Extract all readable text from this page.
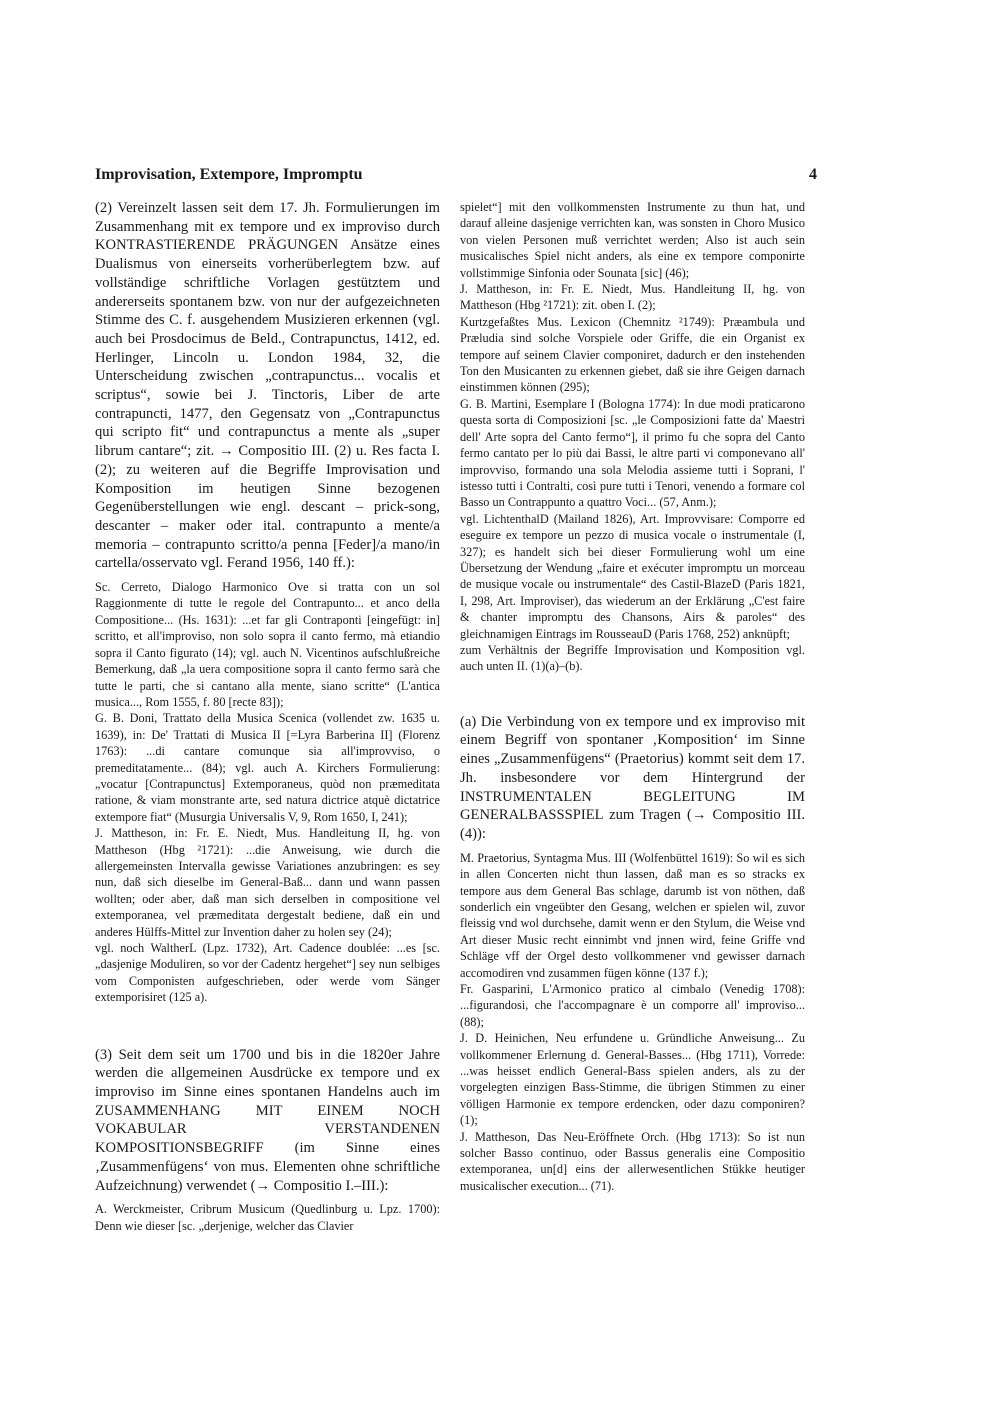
Improvisation, Extempore, Impromptu	4

(2) Vereinzelt lassen seit dem 17. Jh. Formulierungen im Zusammenhang mit ex tempore und ex improviso durch KONTRASTIERENDE PRÄGUNGEN Ansätze eines Dualismus von einerseits vorherüberlegtem bzw. auf vollständige schriftliche Vorlagen gestütztem und andererseits spontanem bzw. von nur der aufgezeichneten Stimme des C. f. ausgehendem Musizieren erkennen (vgl. auch bei Prosdocimus de Beld., Contrapunctus, 1412, ed. Herlinger, Lincoln u. London 1984, 32, die Unterscheidung zwischen „contrapunctus... vocalis et scriptus“, sowie bei J. Tinctoris, Liber de arte contrapuncti, 1477, den Gegensatz von „Contrapunctus qui scripto fit“ und contrapunctus a mente als „super librum cantare“; zit. → Compositio III. (2) u. Res facta I. (2); zu weiteren auf die Begriffe Improvisation und Komposition im heutigen Sinne bezogenen Gegenüberstellungen wie engl. descant – prick-song, descanter – maker oder ital. contrapunto a mente/a memoria – contrapunto scritto/a penna [Feder]/a mano/in cartella/osservato vgl. Ferand 1956, 140 ff.):

Sc. Cerreto, Dialogo Harmonico Ove si tratta con un sol Raggionmente di tutte le regole del Contrapunto... et anco della Compositione... (Hs. 1631): ...et far gli Contraponti [eingefügt: in] scritto, et all'improviso, non solo sopra il canto fermo, mà etiandio sopra il Canto figurato (14); vgl. auch N. Vicentinos aufschlußreiche Bemerkung, daß „la uera compositione sopra il canto fermo sarà che tutte le parti, che si cantano alla mente, siano scritte“ (L'antica musica..., Rom 1555, f. 80 [recte 83]);

G. B. Doni, Trattato della Musica Scenica (vollendet zw. 1635 u. 1639), in: De' Trattati di Musica II [=Lyra Barberina II] (Florenz 1763): ...di cantare comunque sia all'improvviso, o premeditatamente... (84); vgl. auch A. Kirchers Formulierung: „vocatur [Contrapunctus] Extemporaneus, quòd non præmeditata ratione, & viam monstrante arte, sed natura dictrice atquè dictatrice extempore fiat“ (Musurgia Universalis V, 9, Rom 1650, I, 241);

J. Mattheson, in: Fr. E. Niedt, Mus. Handleitung II, hg. von Mattheson (Hbg ²1721): ...die Anweisung, wie durch die allergemeinsten Intervalla gewisse Variationes anzubringen: es sey nun, daß sich dieselbe im General-Baß... dann und wann passen wollten; oder aber, daß man sich derselben in compositione vel extemporanea, vel præmeditata dergestalt bediene, daß ein und anderes Hülffs-Mittel zur Invention daher zu holen sey (24);

vgl. noch WaltherL (Lpz. 1732), Art. Cadence doublée: ...es [sc. „dasjenige Moduliren, so vor der Cadentz hergehet“] sey nun selbiges vom Componisten aufgeschrieben, oder werde vom Sänger extemporisiret (125 a).

(3) Seit dem seit um 1700 und bis in die 1820er Jahre werden die allgemeinen Ausdrücke ex tempore und ex improviso im Sinne eines spontanen Handelns auch im ZUSAMMENHANG MIT EINEM NOCH VOKABULAR VERSTANDENEN KOMPOSITIONSBEGRIFF (im Sinne eines ‚Zusammenfügens‘ von mus. Elementen ohne schriftliche Aufzeichnung) verwendet (→ Compositio I.–III.):

A. Werckmeister, Cribrum Musicum (Quedlinburg u. Lpz. 1700): Denn wie dieser [sc. „derjenige, welcher das Clavier

spielet“] mit den vollkommensten Instrumente zu thun hat, und darauf alleine dasjenige verrichten kan, was sonsten in Choro Musico von vielen Personen muß verrichtet werden; Also ist auch sein musicalisches Spiel nicht anders, als eine ex tempore componirte vollstimmige Sinfonia oder Sounata [sic] (46);

J. Mattheson, in: Fr. E. Niedt, Mus. Handleitung II, hg. von Mattheson (Hbg ²1721): zit. oben I. (2);

Kurtzgefaßtes Mus. Lexicon (Chemnitz ²1749): Præambula und Præludia sind solche Vorspiele oder Griffe, die ein Organist ex tempore auf seinem Clavier componiret, dadurch er den instehenden Ton den Musicanten zu erkennen giebet, daß sie ihre Geigen darnach einstimmen können (295);

G. B. Martini, Esemplare I (Bologna 1774): In due modi praticarono questa sorta di Composizioni [sc. „le Composizioni fatte da' Maestri dell' Arte sopra del Canto fermo“], il primo fu che sopra del Canto fermo cantato per lo più dai Bassi, le altre parti vi componevano all' improvviso, formando una sola Melodia assieme tutti i Soprani, l' istesso tutti i Contralti, così pure tutti i Tenori, venendo a formare col Basso un Contrappunto a quattro Voci... (57, Anm.);

vgl. LichtenthalD (Mailand 1826), Art. Improvvisare: Comporre ed eseguire ex tempore un pezzo di musica vocale o instrumentale (I, 327); es handelt sich bei dieser Formulierung wohl um eine Übersetzung der Wendung „faire et exécuter impromptu un morceau de musique vocale ou instrumentale“ des Castil-BlazeD (Paris 1821, I, 298, Art. Improviser), das wiederum an der Erklärung „C'est faire & chanter impromptu des Chansons, Airs & paroles“ des gleichnamigen Eintrags im RousseauD (Paris 1768, 252) anknüpft;

zum Verhältnis der Begriffe Improvisation und Komposition vgl. auch unten II. (1)(a)–(b).

(a) Die Verbindung von ex tempore und ex improviso mit einem Begriff von spontaner ‚Komposition‘ im Sinne eines „Zusammenfügens“ (Praetorius) kommt seit dem 17. Jh. insbesondere vor dem Hintergrund der INSTRUMENTALEN BEGLEITUNG IM GENERALBASSSPIEL zum Tragen (→ Compositio III. (4)):

M. Praetorius, Syntagma Mus. III (Wolfenbüttel 1619): So wil es sich in allen Concerten nicht thun lassen, daß man es so stracks ex tempore aus dem General Bas schlage, darumb ist von nöthen, daß sonderlich ein vngeübter den Gesang, welchen er spielen wil, zuvor fleissig vnd wol durchsehe, damit wenn er den Stylum, die Weise vnd Art dieser Music recht einnimbt vnd jnnen wird, feine Griffe vnd Schläge vff der Orgel desto vollkommener vnd gewisser darnach accomodiren vnd zusammen fügen könne (137 f.);

Fr. Gasparini, L'Armonico pratico al cimbalo (Venedig 1708): ...figurandosi, che l'accompagnare è un comporre all' improviso... (88);

J. D. Heinichen, Neu erfundene u. Gründliche Anweisung... Zu vollkommener Erlernung d. General-Basses... (Hbg 1711), Vorrede: ...was heisset endlich General-Bass spielen anders, als zu der vorgelegten einzigen Bass-Stimme, die übrigen Stimmen zu einer völligen Harmonie ex tempore erdencken, oder dazu componiren? (1);

J. Mattheson, Das Neu-Eröffnete Orch. (Hbg 1713): So ist nun solcher Basso continuo, oder Bassus generalis eine Compositio extemporanea, un[d] eins der allerwesentlichen Stükke heutiger musicalischer execution... (71).
